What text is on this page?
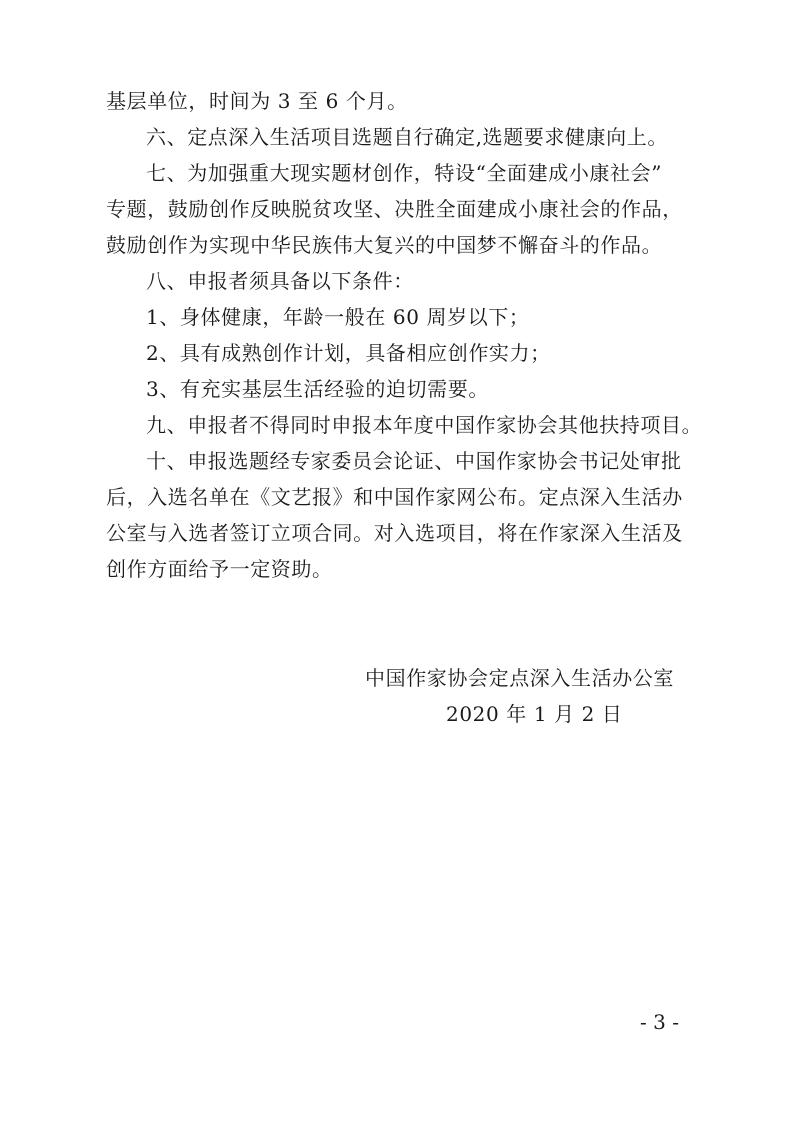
基层单位，时间为 3 至 6 个月。
六、定点深入生活项目选题自行确定,选题要求健康向上。
七、为加强重大现实题材创作，特设“全面建成小康社会”
专题，鼓励创作反映脱贫攻坚、决胜全面建成小康社会的作品，
鼓励创作为实现中华民族伟大复兴的中国梦不懈奋斗的作品。
八、申报者须具备以下条件：
1、身体健康，年龄一般在 60 周岁以下；
2、具有成熟创作计划，具备相应创作实力；
3、有充实基层生活经验的迫切需要。
九、申报者不得同时申报本年度中国作家协会其他扶持项目。
十、申报选题经专家委员会论证、中国作家协会书记处审批
后，入选名单在《文艺报》和中国作家网公布。定点深入生活办
公室与入选者签订立项合同。对入选项目，将在作家深入生活及
创作方面给予一定资助。
中国作家协会定点深入生活办公室
2020 年 1 月 2 日
- 3 -
